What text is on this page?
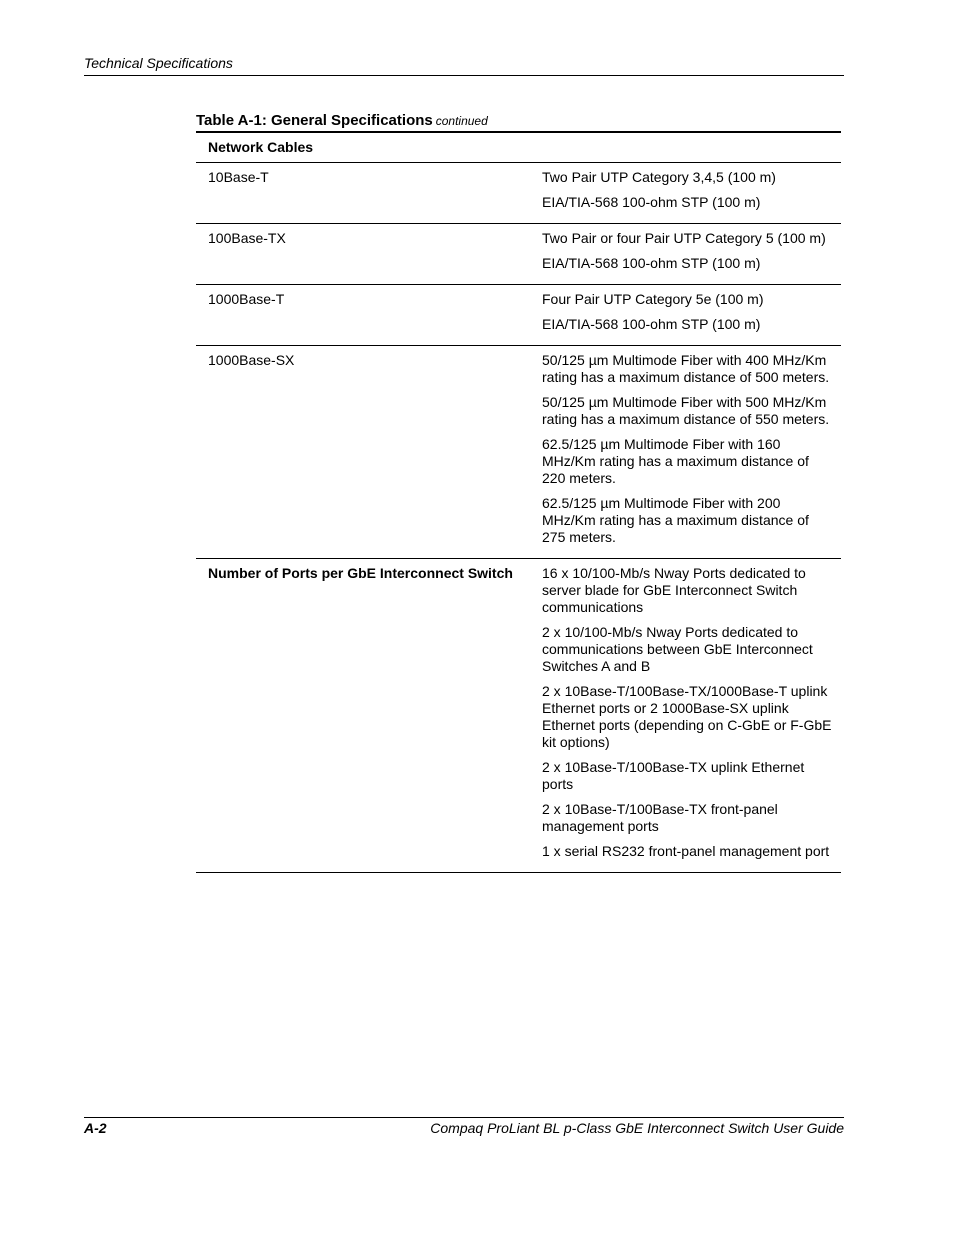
Technical Specifications
Table A-1: General Specifications continued
Network Cables
10Base-T	Two Pair UTP Category 3,4,5 (100 m)
EIA/TIA-568 100-ohm STP (100 m)
100Base-TX	Two Pair or four Pair UTP Category 5 (100 m)
EIA/TIA-568 100-ohm STP (100 m)
1000Base-T	Four Pair UTP Category 5e (100 m)
EIA/TIA-568 100-ohm STP (100 m)
1000Base-SX	50/125 µm Multimode Fiber with 400 MHz/Km rating has a maximum distance of 500 meters.
50/125 µm Multimode Fiber with 500 MHz/Km rating has a maximum distance of 550 meters.
62.5/125 µm Multimode Fiber with 160 MHz/Km rating has a maximum distance of 220 meters.
62.5/125 µm Multimode Fiber with 200 MHz/Km rating has a maximum distance of 275 meters.
Number of Ports per GbE Interconnect Switch	16 x 10/100-Mb/s Nway Ports dedicated to server blade for GbE Interconnect Switch communications
2 x 10/100-Mb/s Nway Ports dedicated to communications between GbE Interconnect Switches A and B
2 x 10Base-T/100Base-TX/1000Base-T uplink Ethernet ports or 2 1000Base-SX uplink Ethernet ports (depending on C-GbE or F-GbE kit options)
2 x 10Base-T/100Base-TX uplink Ethernet ports
2 x 10Base-T/100Base-TX front-panel management ports
1 x serial RS232 front-panel management port
A-2	Compaq ProLiant BL p-Class GbE Interconnect Switch User Guide
